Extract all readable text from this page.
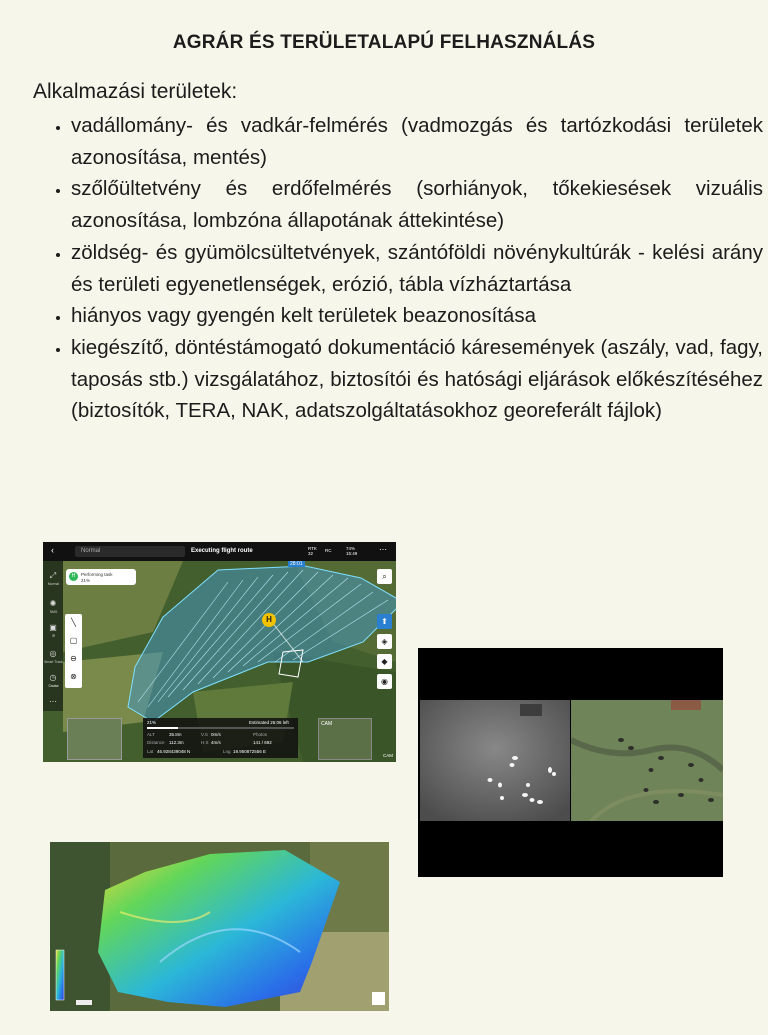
AGRÁR ÉS TERÜLETALAPÚ FELHASZNÁLÁS
Alkalmazási területek:
• vadállomány- és vadkár-felmérés (vadmozgás és tartózkodási területek azonosítása, mentés)
• szőlőültetvény és erdőfelmérés (sorhiányok, tőkekiesések vizuális azonosítása, lombzóna állapotának áttekintése)
• zöldség- és gyümölcsültetvények, szántóföldi növénykultúrák - kelési arány és területi egyenetlenségek, erózió, tábla vízháztartása
• hiányos vagy gyengén kelt területek beazonosítása
• kiegészítő, döntéstámogató dokumentáció káresemények (aszály, vad, fagy, taposás stb.) vizsgálatához, biztosítói és hatósági eljárások előkészítéséhez (biztosítók, TERA, NAK, adatszolgáltatásokhoz georeferált fájlok)
‹	Normal	Executing flight route	RTK
32
RC	74%
15:49	⋯
28:01
⤢
✺
▣
◎
◷
⋯
Normal
SMS
IR
Smart Track
Cruise
H	Performing task
21%
╲
▢
⊖
⊗
H
⌕
⬆
◈
◆
◉
21%	Estimated 26:06 left
ALT	35.8m	V.S 0m/s	Photos
Distance 112.3m	H.S 4m/s	141 / 692
Lat 46.928439048 N	Lng 19.950872556 E
CAM
CAM
